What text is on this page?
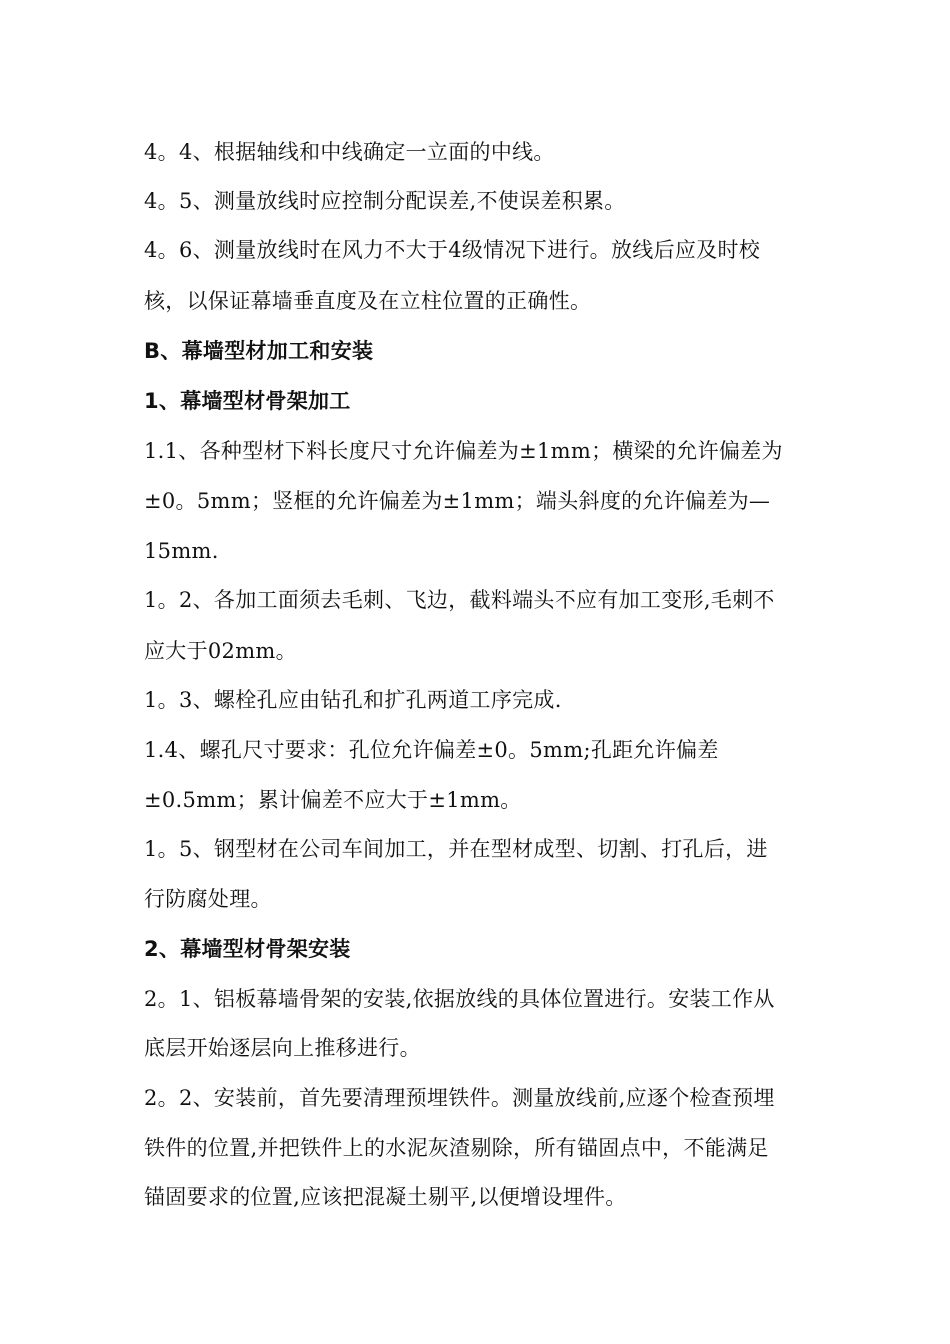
4。4、根据轴线和中线确定一立面的中线。
4。5、测量放线时应控制分配误差,不使误差积累。
4。6、测量放线时在风力不大于4级情况下进行。放线后应及时校
核，以保证幕墙垂直度及在立柱位置的正确性。
B、幕墙型材加工和安装
1、幕墙型材骨架加工
1.1、各种型材下料长度尺寸允许偏差为±1mm；横梁的允许偏差为
±0。5mm；竖框的允许偏差为±1mm；端头斜度的允许偏差为—
15mm.
1。2、各加工面须去毛刺、飞边，截料端头不应有加工变形,毛刺不
应大于02mm。
1。3、螺栓孔应由钻孔和扩孔两道工序完成.
1.4、螺孔尺寸要求：孔位允许偏差±0。5mm;孔距允许偏差
±0.5mm；累计偏差不应大于±1mm。
1。5、钢型材在公司车间加工，并在型材成型、切割、打孔后，进
行防腐处理。
2、幕墙型材骨架安装
2。1、铝板幕墙骨架的安装,依据放线的具体位置进行。安装工作从
底层开始逐层向上推移进行。
2。2、安装前，首先要清理预埋铁件。测量放线前,应逐个检查预埋
铁件的位置,并把铁件上的水泥灰渣剔除，所有锚固点中，不能满足
锚固要求的位置,应该把混凝土剔平,以便增设埋件。
